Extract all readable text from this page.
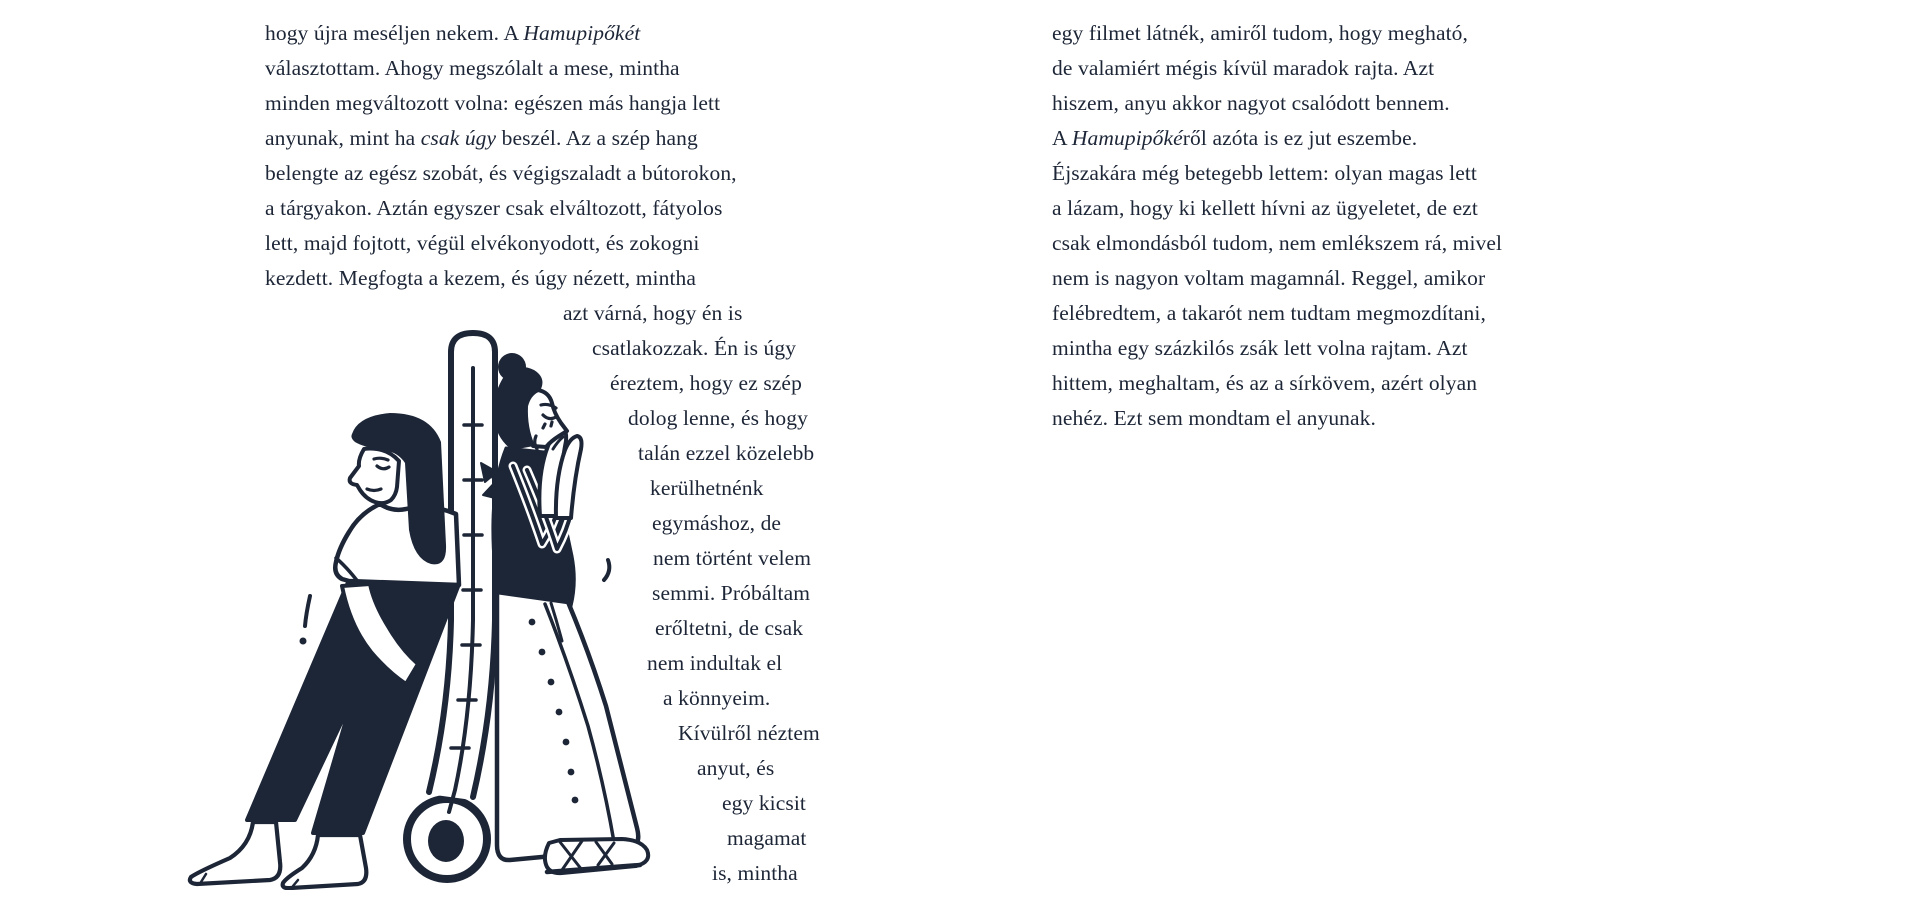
hogy újra meséljen nekem. A Hamupipőkét
választottam. Ahogy megszólalt a mese, mintha
minden megváltozott volna: egészen más hangja lett
anyunak, mint ha csak úgy beszél. Az a szép hang
belengte az egész szobát, és végigszaladt a bútorokon,
a tárgyakon. Aztán egyszer csak elváltozott, fátyolos
lett, majd fojtott, végül elvékonyodott, és zokogni
kezdett. Megfogta a kezem, és úgy nézett, mintha
azt várná, hogy én is
csatlakozzak. Én is úgy
éreztem, hogy ez szép
dolog lenne, és hogy
talán ezzel közelebb
kerülhetnénk
egymáshoz, de
nem történt velem
semmi. Próbáltam
erőltetni, de csak
nem indultak el
a könnyeim.
Kívülről néztem
anyut, és
egy kicsit
magamat
is, mintha
egy filmet látnék, amiről tudom, hogy megható,
de valamiért mégis kívül maradok rajta. Azt
hiszem, anyu akkor nagyot csalódott bennem.
A Hamupipőkéről azóta is ez jut eszembe.
Éjszakára még betegebb lettem: olyan magas lett
a lázam, hogy ki kellett hívni az ügyeletet, de ezt
csak elmondásból tudom, nem emlékszem rá, mivel
nem is nagyon voltam magamnál. Reggel, amikor
felébredtem, a takarót nem tudtam megmozdítani,
mintha egy százkilós zsák lett volna rajtam. Azt
hittem, meghaltam, és az a sírkövem, azért olyan
nehéz. Ezt sem mondtam el anyunak.
